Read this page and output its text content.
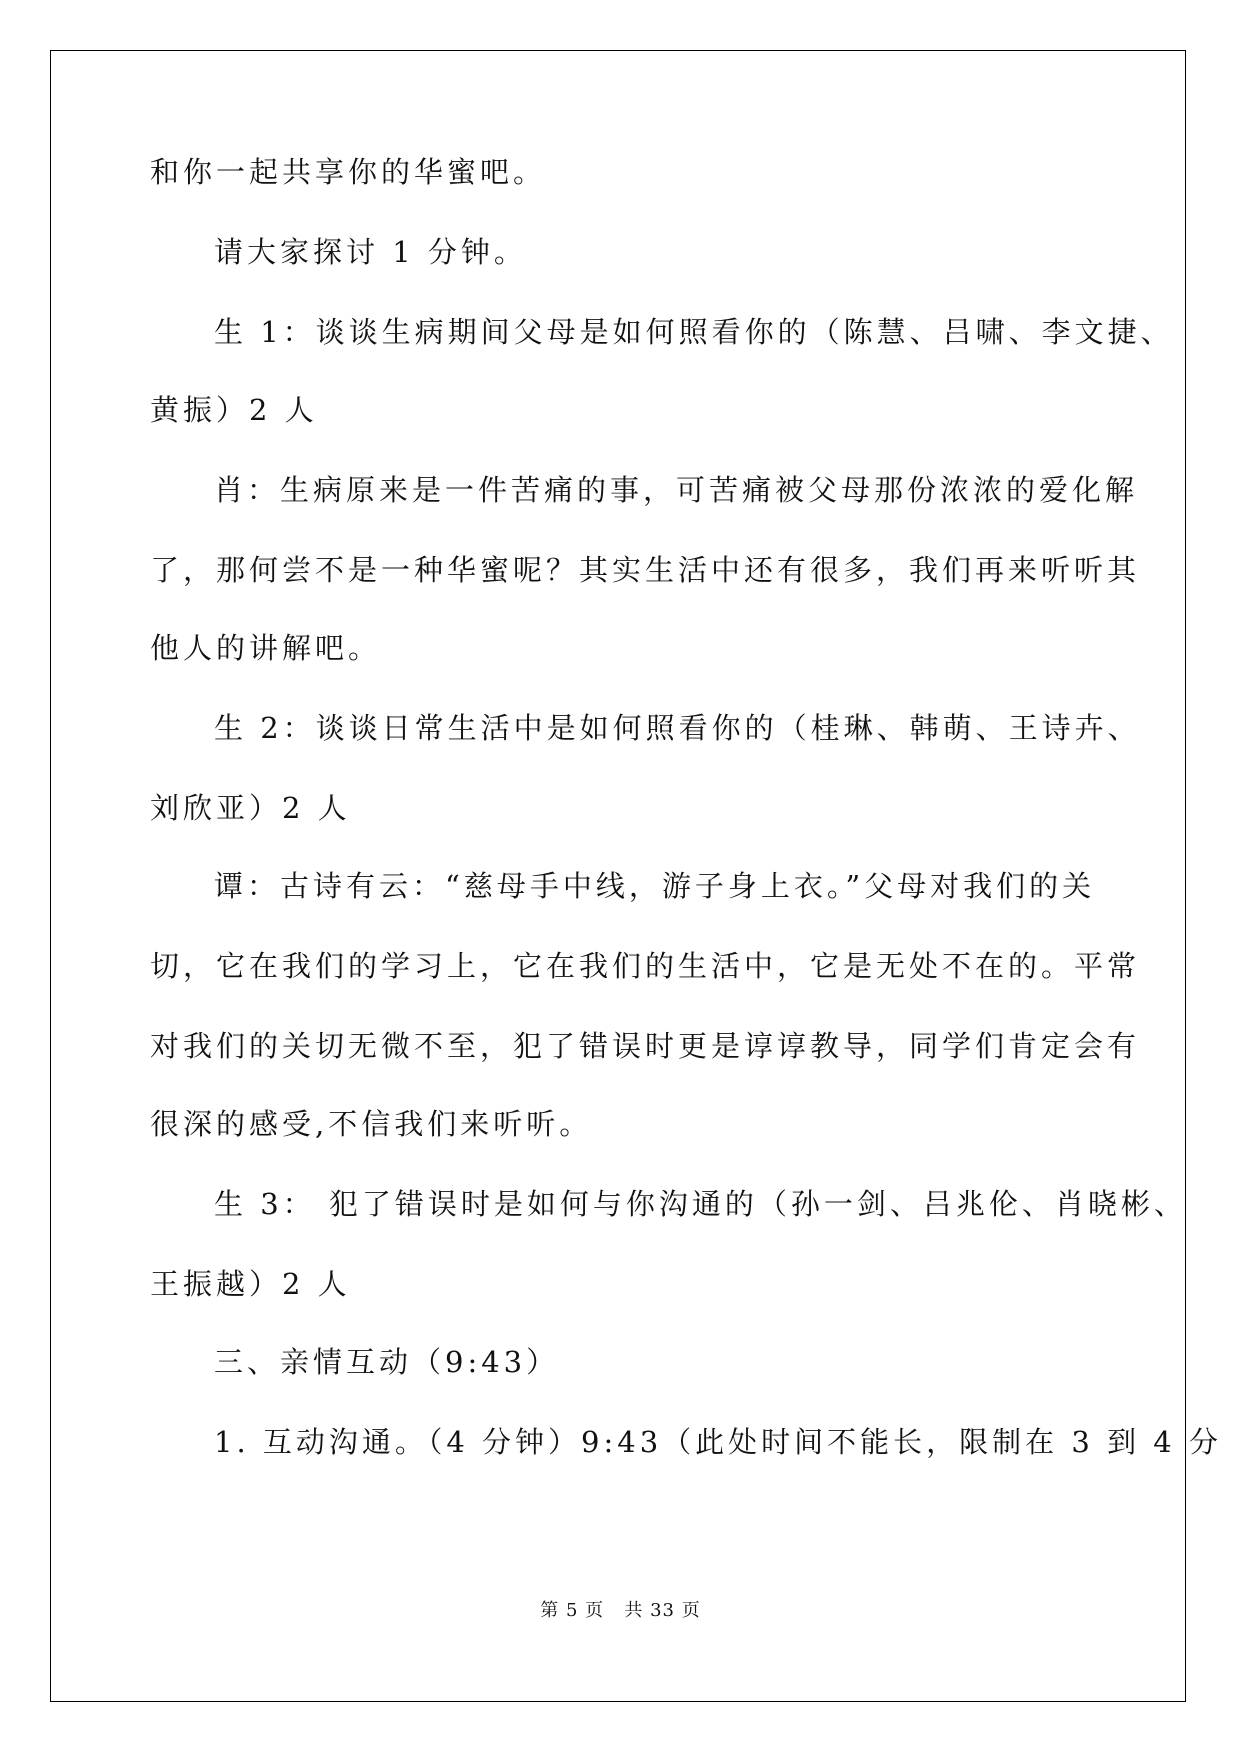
和你一起共享你的华蜜吧。
请大家探讨 1 分钟。
生 1：谈谈生病期间父母是如何照看你的（陈慧、吕啸、李文捷、
黄振）2 人
肖：生病原来是一件苦痛的事，可苦痛被父母那份浓浓的爱化解
了，那何尝不是一种华蜜呢？其实生活中还有很多，我们再来听听其
他人的讲解吧。
生 2：谈谈日常生活中是如何照看你的（桂琳、韩萌、王诗卉、
刘欣亚）2 人
谭：古诗有云：“慈母手中线，游子身上衣。”父母对我们的关
切，它在我们的学习上，它在我们的生活中，它是无处不在的。平常
对我们的关切无微不至，犯了错误时更是谆谆教导，同学们肯定会有
很深的感受,不信我们来听听。
生 3： 犯了错误时是如何与你沟通的（孙一剑、吕兆伦、肖晓彬、
王振越）2 人
三、亲情互动（9:43）
1. 互动沟通。（4 分钟）9:43（此处时间不能长，限制在 3 到 4 分
第 5 页 共 33 页
